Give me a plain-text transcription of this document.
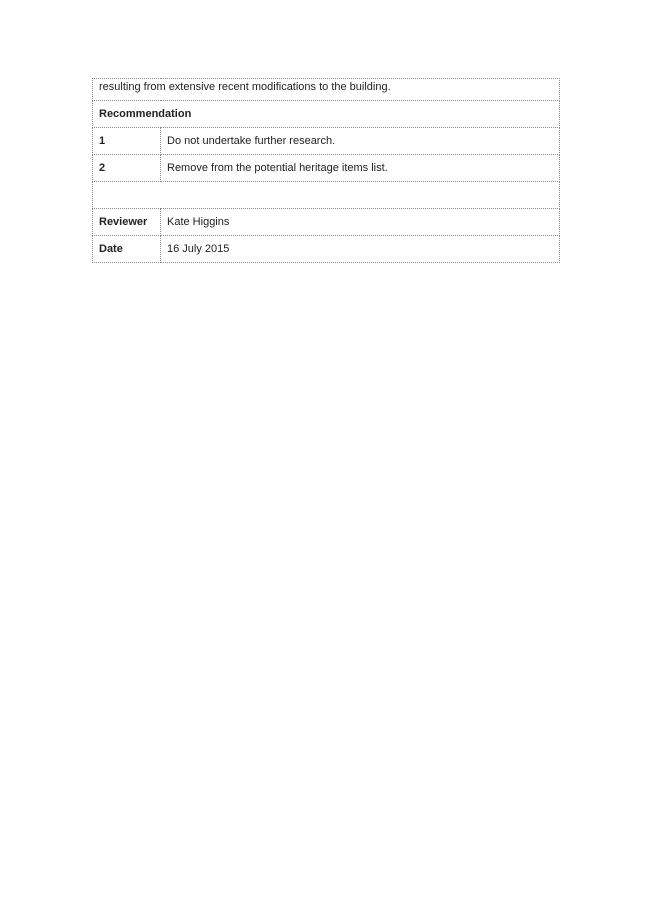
resulting from extensive recent modifications to the building.	
Recommendation	
1	Do not undertake further research.
2	Remove from the potential heritage items list.

Reviewer	Kate Higgins
Date	16 July 2015
